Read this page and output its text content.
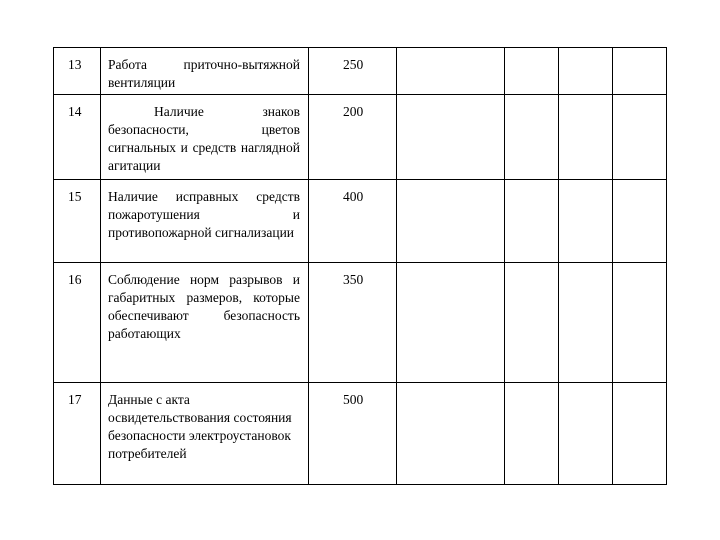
13	Работа приточно-вытяжной вентиляции	250				
14	Наличие знаков безопасности, цветов сигнальных и средств наглядной агитации	200				
15	Наличие исправных средств пожаротушения и противопожарной сигнализации	400				
16	Соблюдение норм разрывов и габаритных размеров, которые обеспечивают безопасность работающих	350				
17	Данные с акта освидетельствования состояния безопасности электроустановок потребителей	500				
